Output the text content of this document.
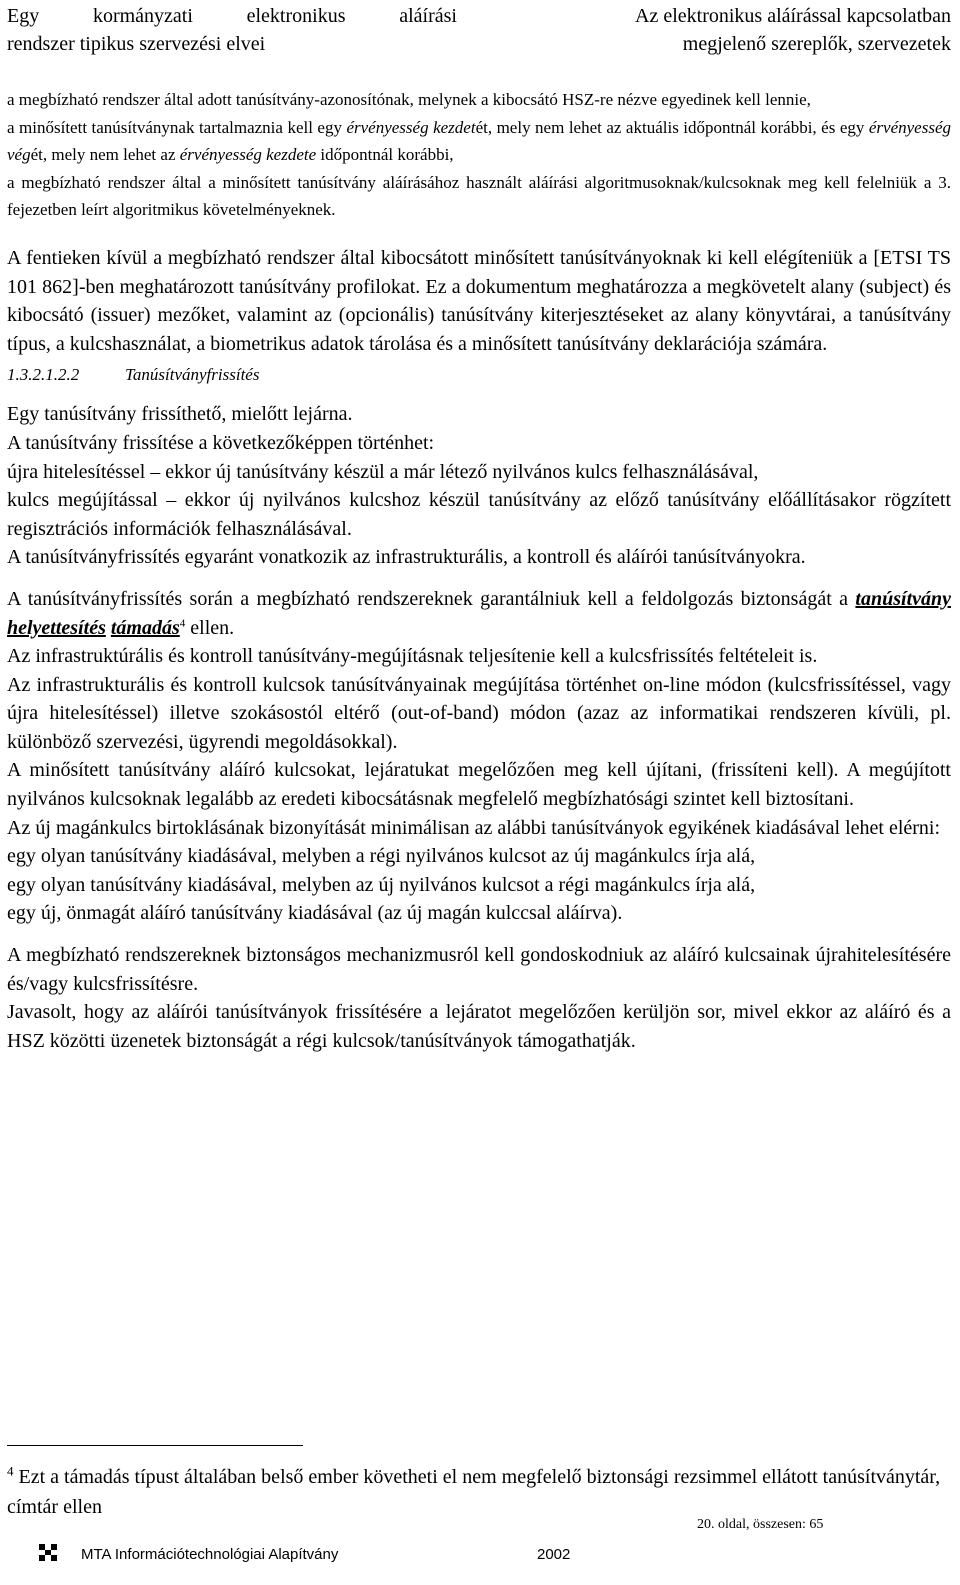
Egy	kormányzati	elektronikus	aláírási
rendszer tipikus szervezési elvei
Az elektronikus aláírással kapcsolatban
megjelenő szereplők, szervezetek
a megbízható rendszer által adott tanúsítvány-azonosítónak, melynek a kibocsátó HSZ-re nézve egyedinek kell lennie,
a minősített tanúsítványnak tartalmaznia kell egy érvényesség kezdetét, mely nem lehet az aktuális időpontnál korábbi, és egy érvényesség végét, mely nem lehet az érvényesség kezdete időpontnál korábbi,
a megbízható rendszer által a minősített tanúsítvány aláírásához használt aláírási algoritmusoknak/kulcsoknak meg kell felelniük a 3. fejezetben leírt algoritmikus követelményeknek.
A fentieken kívül a megbízható rendszer által kibocsátott minősített tanúsítványoknak ki kell elégíteniük a [ETSI TS 101 862]-ben meghatározott tanúsítvány profilokat. Ez a dokumentum meghatározza a megkövetelt alany (subject) és kibocsátó (issuer) mezőket, valamint az (opcionális) tanúsítvány kiterjesztéseket az alany könyvtárai, a tanúsítvány típus, a kulcshasználat, a biometrikus adatok tárolása és a minősített tanúsítvány deklarációja számára.
1.3.2.1.2.2	Tanúsítványfrissítés
Egy tanúsítvány frissíthető, mielőtt lejárna.
A tanúsítvány frissítése a következőképpen történhet:
újra hitelesítéssel – ekkor új tanúsítvány készül a már létező nyilvános kulcs felhasználásával,
kulcs megújítással – ekkor új nyilvános kulcshoz készül tanúsítvány az előző tanúsítvány előállításakor rögzített regisztrációs információk felhasználásával.
A tanúsítványfrissítés egyaránt vonatkozik az infrastrukturális, a kontroll és aláírói tanúsítványokra.
A tanúsítványfrissítés során a megbízható rendszereknek garantálniuk kell a feldolgozás biztonságát a tanúsítvány helyettesítés támadás$^4$ ellen.
Az infrastruktúrális és kontroll tanúsítvány-megújításnak teljesítenie kell a kulcsfrissítés feltételeit is.
Az infrastrukturális és kontroll kulcsok tanúsítványainak megújítása történhet on-line módon (kulcsfrissítéssel, vagy újra hitelesítéssel) illetve szokásostól eltérő (out-of-band) módon (azaz az informatikai rendszeren kívüli, pl. különböző szervezési, ügyrendi megoldásokkal).
A minősített tanúsítvány aláíró kulcsokat, lejáratukat megelőzően meg kell újítani, (frissíteni kell). A megújított nyilvános kulcsoknak legalább az eredeti kibocsátásnak megfelelő megbízhatósági szintet kell biztosítani.
Az új magánkulcs birtoklásának bizonyítását minimálisan az alábbi tanúsítványok egyikének kiadásával lehet elérni:
egy olyan tanúsítvány kiadásával, melyben a régi nyilvános kulcsot az új magánkulcs írja alá,
egy olyan tanúsítvány kiadásával, melyben az új nyilvános kulcsot a régi magánkulcs írja alá,
egy új, önmagát aláíró tanúsítvány kiadásával (az új magán kulccsal aláírva).
A megbízható rendszereknek biztonságos mechanizmusról kell gondoskodniuk az aláíró kulcsainak újrahitelesítésére és/vagy kulcsfrissítésre.
Javasolt, hogy az aláírói tanúsítványok frissítésére a lejáratot megelőzően kerüljön sor, mivel ekkor az aláíró és a HSZ közötti üzenetek biztonságát a régi kulcsok/tanúsítványok támogathatják.
$^4$ Ezt a támadás típust általában belső ember követheti el nem megfelelő biztonsági rezsimmel ellátott tanúsítványtár, címtár ellen
20. oldal, összesen: 65
MTA Információtechnológiai Alapítvány	2002
